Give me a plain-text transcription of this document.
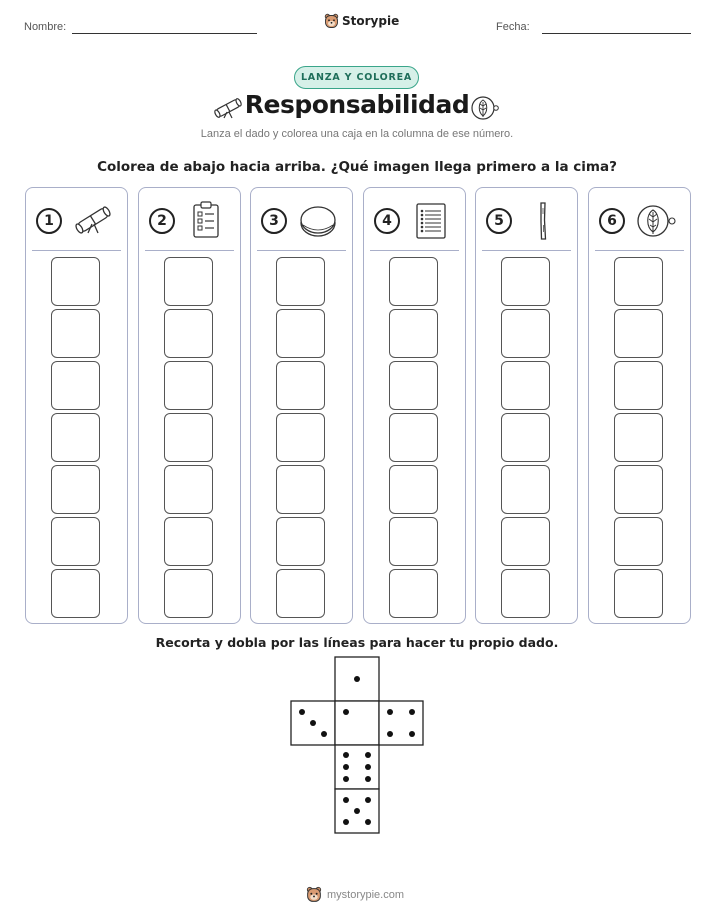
Nombre:	Storypie	Fecha:
LANZA Y COLOREA
Responsabilidad
Lanza el dado y colorea una caja en la columna de ese número.
Colorea de abajo hacia arriba. ¿Qué imagen llega primero a la cima?
1	2	3	4	5	6
Recorta y dobla por las líneas para hacer tu propio dado.
mystorypie.com
